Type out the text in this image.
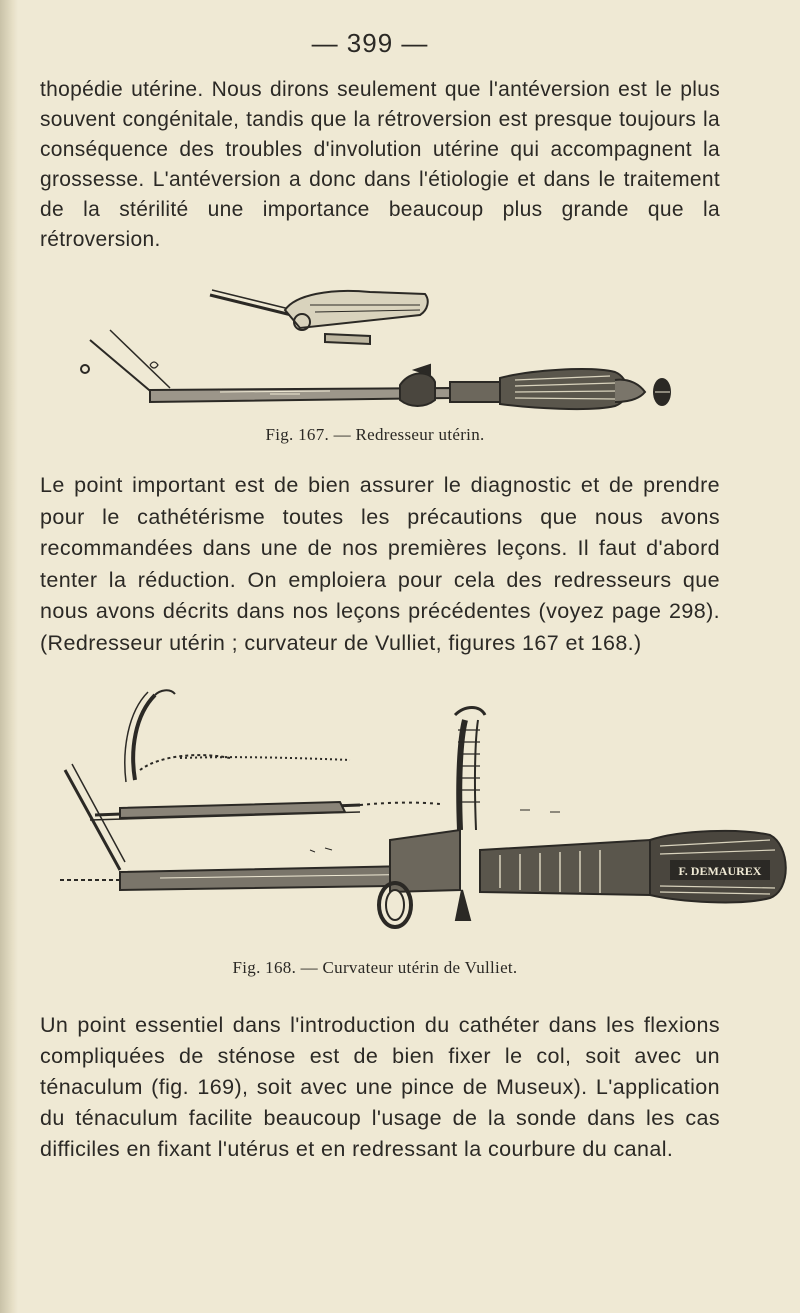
— 399 —

thopédie utérine. Nous dirons seulement que l'antéversion est le plus souvent congénitale, tandis que la rétroversion est presque toujours la conséquence des troubles d'involution utérine qui accompagnent la grossesse. L'antéversion a donc dans l'étiologie et dans le traitement de la stérilité une importance beaucoup plus grande que la rétroversion.

Fig. 167. — Redresseur utérin.

Le point important est de bien assurer le diagnostic et de prendre pour le cathétérisme toutes les précautions que nous avons recommandées dans une de nos premières leçons. Il faut d'abord tenter la réduction. On emploiera pour cela des redresseurs que nous avons décrits dans nos leçons précédentes (voyez page 298). (Redresseur utérin ; curvateur de Vulliet, figures 167 et 168.)

F. DEMAUREX
Fig. 168. — Curvateur utérin de Vulliet.

Un point essentiel dans l'introduction du cathéter dans les flexions compliquées de sténose est de bien fixer le col, soit avec un ténaculum (fig. 169), soit avec une pince de Museux). L'application du ténaculum facilite beaucoup l'usage de la sonde dans les cas difficiles en fixant l'utérus et en redressant la courbure du canal.
